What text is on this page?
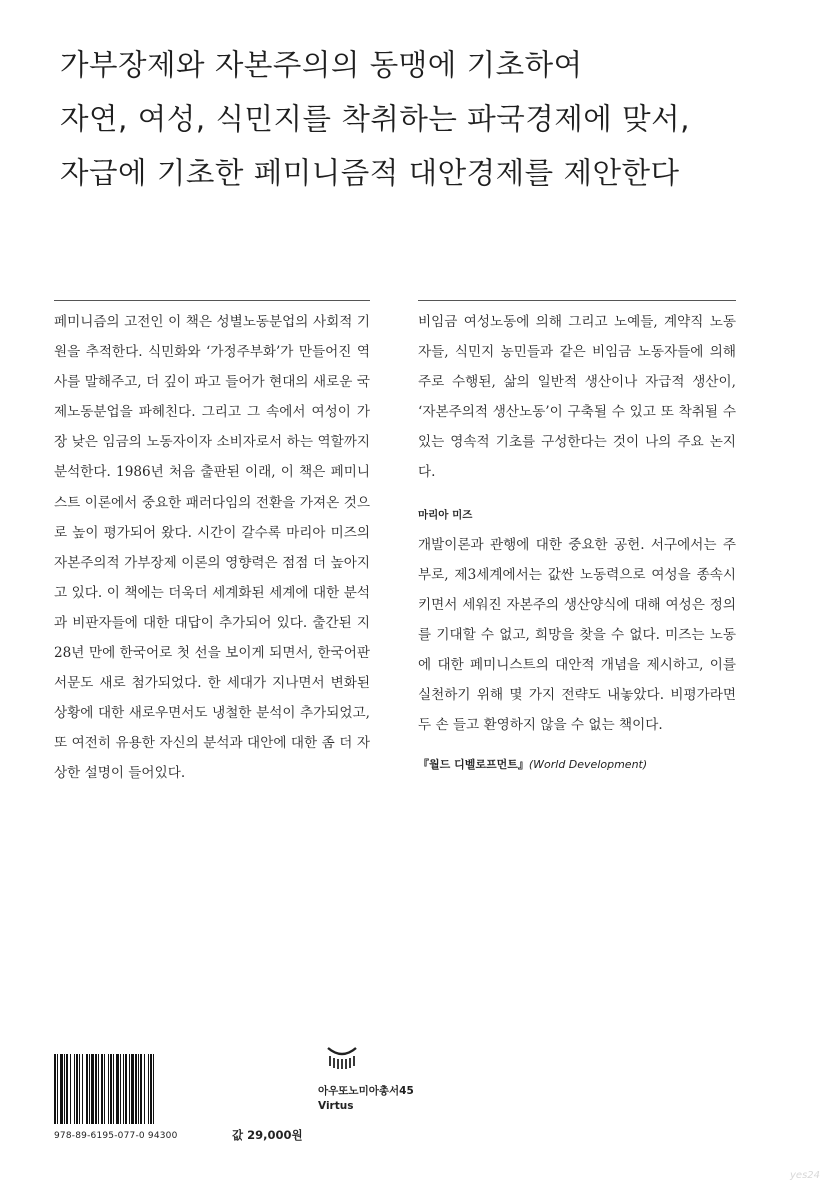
가부장제와 자본주의의 동맹에 기초하여
자연, 여성, 식민지를 착취하는 파국경제에 맞서,
자급에 기초한 페미니즘적 대안경제를 제안한다

페미니즘의 고전인 이 책은 성별노동분업의 사회적 기원을 추적한다. 식민화와 ‘가정주부화’가 만들어진 역사를 말해주고, 더 깊이 파고 들어가 현대의 새로운 국제노동분업을 파헤친다. 그리고 그 속에서 여성이 가장 낮은 임금의 노동자이자 소비자로서 하는 역할까지 분석한다. 1986년 처음 출판된 이래, 이 책은 페미니스트 이론에서 중요한 패러다임의 전환을 가져온 것으로 높이 평가되어 왔다. 시간이 갈수록 마리아 미즈의 자본주의적 가부장제 이론의 영향력은 점점 더 높아지고 있다. 이 책에는 더욱더 세계화된 세계에 대한 분석과 비판자들에 대한 대답이 추가되어 있다. 출간된 지 28년 만에 한국어로 첫 선을 보이게 되면서, 한국어판 서문도 새로 첨가되었다. 한 세대가 지나면서 변화된 상황에 대한 새로우면서도 냉철한 분석이 추가되었고, 또 여전히 유용한 자신의 분석과 대안에 대한 좀 더 자상한 설명이 들어있다.

비임금 여성노동에 의해 그리고 노예들, 계약직 노동자들, 식민지 농민들과 같은 비임금 노동자들에 의해 주로 수행된, 삶의 일반적 생산이나 자급적 생산이, ‘자본주의적 생산노동’이 구축될 수 있고 또 착취될 수 있는 영속적 기초를 구성한다는 것이 나의 주요 논지다.

마리아 미즈

개발이론과 관행에 대한 중요한 공헌. 서구에서는 주부로, 제3세계에서는 값싼 노동력으로 여성을 종속시키면서 세워진 자본주의 생산양식에 대해 여성은 정의를 기대할 수 없고, 희망을 찾을 수 없다. 미즈는 노동에 대한 페미니스트의 대안적 개념을 제시하고, 이를 실천하기 위해 몇 가지 전략도 내놓았다. 비평가라면 두 손 들고 환영하지 않을 수 없는 책이다.

『월드 디벨로프먼트』(World Development)
978-89-6195-077-0 94300	값 29,000원
아우또노미아총서45
Virtus
yes24
